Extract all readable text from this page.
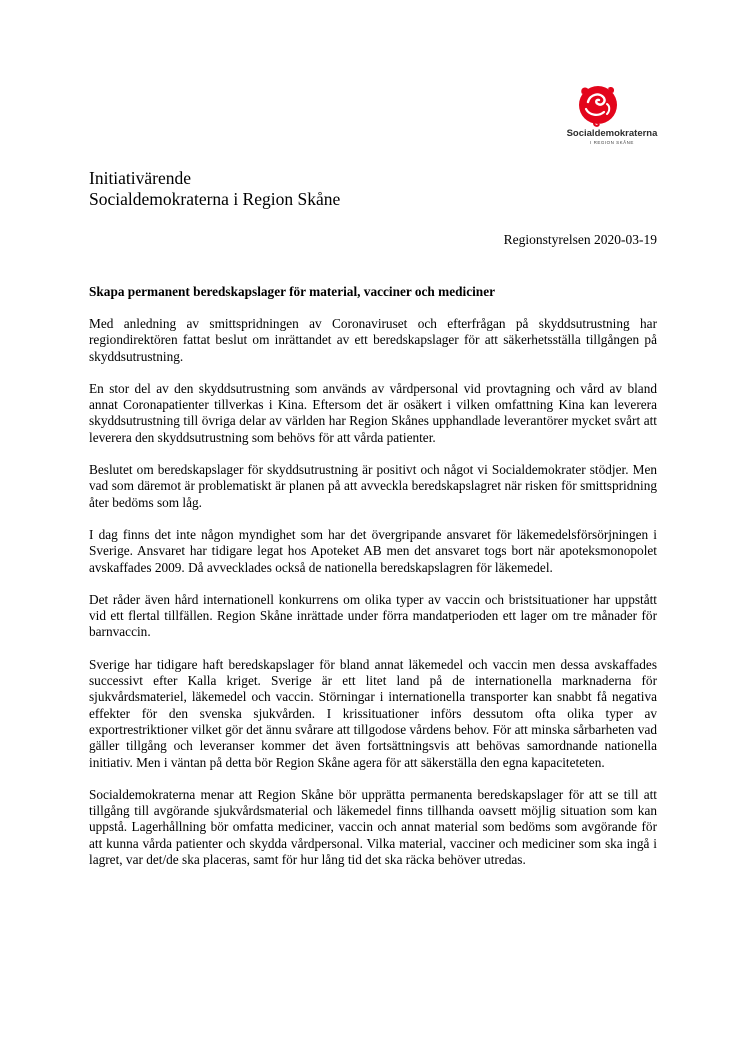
Socialdemokraterna
I REGION SKÅNE
Initiativärende
Socialdemokraterna i Region Skåne
Regionstyrelsen 2020-03-19
Skapa permanent beredskapslager för material, vacciner och mediciner

Med anledning av smittspridningen av Coronaviruset och efterfrågan på skyddsutrustning har regiondirektören fattat beslut om inrättandet av ett beredskapslager för att säkerhetsställa tillgången på skyddsutrustning.

En stor del av den skyddsutrustning som används av vårdpersonal vid provtagning och vård av bland annat Coronapatienter tillverkas i Kina. Eftersom det är osäkert i vilken omfattning Kina kan leverera skyddsutrustning till övriga delar av världen har Region Skånes upphandlade leverantörer mycket svårt att leverera den skyddsutrustning som behövs för att vårda patienter.

Beslutet om beredskapslager för skyddsutrustning är positivt och något vi Socialdemokrater stödjer. Men vad som däremot är problematiskt är planen på att avveckla beredskapslagret när risken för smittspridning åter bedöms som låg.

I dag finns det inte någon myndighet som har det övergripande ansvaret för läkemedelsförsörjningen i Sverige. Ansvaret har tidigare legat hos Apoteket AB men det ansvaret togs bort när apoteksmonopolet avskaffades 2009. Då avvecklades också de nationella beredskapslagren för läkemedel.

Det råder även hård internationell konkurrens om olika typer av vaccin och bristsituationer har uppstått vid ett flertal tillfällen. Region Skåne inrättade under förra mandatperioden ett lager om tre månader för barnvaccin.

Sverige har tidigare haft beredskapslager för bland annat läkemedel och vaccin men dessa avskaffades successivt efter Kalla kriget. Sverige är ett litet land på de internationella marknaderna för sjukvårdsmateriel, läkemedel och vaccin. Störningar i internationella transporter kan snabbt få negativa effekter för den svenska sjukvården. I krissituationer införs dessutom ofta olika typer av exportrestriktioner vilket gör det ännu svårare att tillgodose vårdens behov. För att minska sårbarheten vad gäller tillgång och leveranser kommer det även fortsättningsvis att behövas samordnande nationella initiativ. Men i väntan på detta bör Region Skåne agera för att säkerställa den egna kapaciteteten.

Socialdemokraterna menar att Region Skåne bör upprätta permanenta beredskapslager för att se till att tillgång till avgörande sjukvårdsmaterial och läkemedel finns tillhanda oavsett möjlig situation som kan uppstå. Lagerhållning bör omfatta mediciner, vaccin och annat material som bedöms som avgörande för att kunna vårda patienter och skydda vårdpersonal. Vilka material, vacciner och mediciner som ska ingå i lagret, var det/de ska placeras, samt för hur lång tid det ska räcka behöver utredas.
